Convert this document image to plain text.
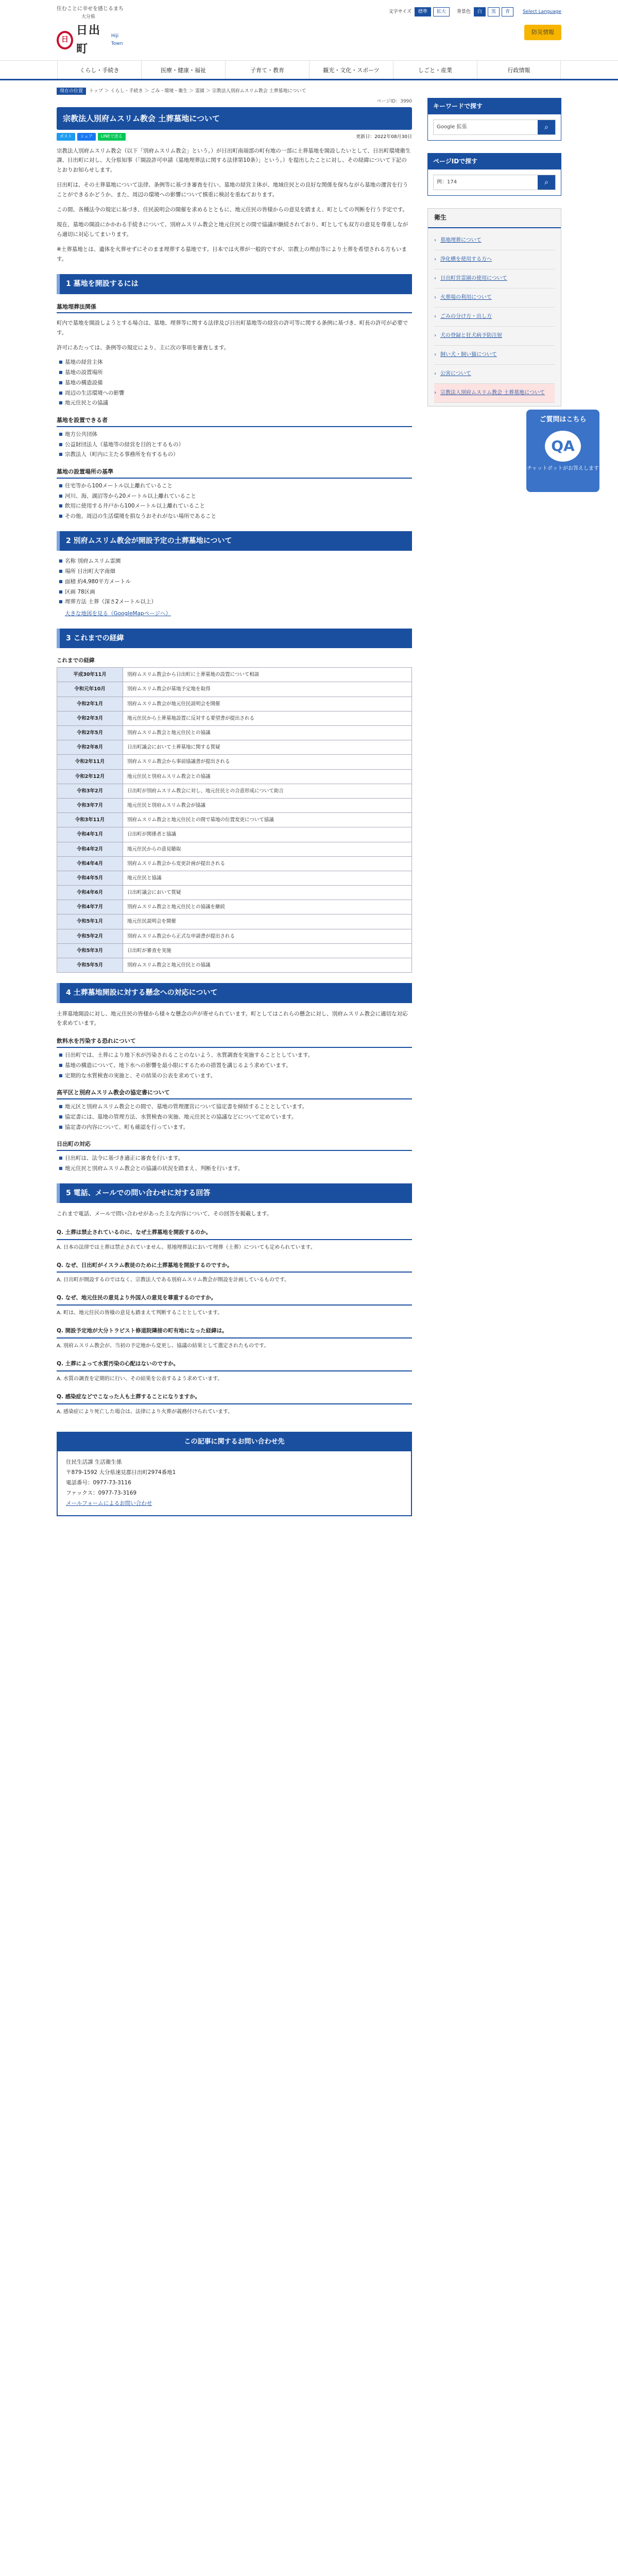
住むことに幸せを感じるまち
大分県
日
日出町
Hiji Town
文字サイズ	標準	拡大	背景色	白	黒	青	Select Language
防災情報
くらし・手続き	医療・健康・福祉	子育て・教育	観光・文化・スポーツ	しごと・産業	行政情報
現在の位置 トップ ＞ くらし・手続き ＞ ごみ・環境・衛生 ＞ 霊園 ＞ 宗教法人別府ムスリム教会 土葬墓地について
ページID：3990
宗教法人別府ムスリム教会 土葬墓地について
ポスト	シェア	LINEで送る	更新日：2022年08月30日

宗教法人別府ムスリム教会（以下「別府ムスリム教会」という。）が日出町南端部の町有地の一部に土葬墓地を開設したいとして、日出町環境衛生課、日出町に対し、大分県知事（「開設許可申請（墓地埋葬法に関する法律第10条）」という。）を提出したことに対し、その経緯について下記のとおりお知らせします。

日出町は、その土葬墓地について法律、条例等に基づき審査を行い、墓地の経営主体が、地域住民との良好な関係を保ちながら墓地の運営を行うことができるかどうか、また、周辺の環境への影響について慎重に検討を重ねております。

この間、各種法令の規定に基づき、住民説明会の開催を求めるとともに、地元住民の皆様からの意見を踏まえ、町としての判断を行う予定です。

現在、墓地の開設にかかわる手続きについて、別府ムスリム教会と地元住民との間で協議が継続されており、町としても双方の意見を尊重しながら適切に対応してまいります。

※土葬墓地とは、遺体を火葬せずにそのまま埋葬する墓地です。日本では火葬が一般的ですが、宗教上の理由等により土葬を希望される方もいます。

1 墓地を開設するには
墓地埋葬法関係

町内で墓地を開設しようとする場合は、墓地、埋葬等に関する法律及び日出町墓地等の経営の許可等に関する条例に基づき、町長の許可が必要です。

許可にあたっては、条例等の規定により、主に次の事項を審査します。

■ 墓地の経営主体
■ 墓地の設置場所
■ 墓地の構造設備
■ 周辺の生活環境への影響
■ 地元住民との協議
墓地を設置できる者
■ 地方公共団体
■ 公益財団法人（墓地等の経営を目的とするもの）
■ 宗教法人（町内に主たる事務所を有するもの）
墓地の設置場所の基準
■ 住宅等から100メートル以上離れていること
■ 河川、海、湖沼等から20メートル以上離れていること
■ 飲用に使用する井戸から100メートル以上離れていること
■ その他、周辺の生活環境を損なうおそれがない場所であること
2 別府ムスリム教会が開設予定の土葬墓地について
■ 名称 別府ムスリム霊園
■ 場所 日出町大字南畑
■ 面積 約4,980平方メートル
■ 区画 78区画
■ 埋葬方法 土葬（深さ2メートル以上）
大きな地図を見る（GoogleMapページへ）
3 これまでの経緯
これまでの経緯
平成30年11月	別府ムスリム教会から日出町に土葬墓地の設置について相談
令和元年10月	別府ムスリム教会が墓地予定地を取得
令和2年1月	別府ムスリム教会が地元住民説明会を開催
令和2年3月	地元住民から土葬墓地設置に反対する要望書が提出される
令和2年5月	別府ムスリム教会と地元住民との協議
令和2年8月	日出町議会において土葬墓地に関する質疑
令和2年11月	別府ムスリム教会から事前協議書が提出される
令和2年12月	地元住民と別府ムスリム教会との協議
令和3年2月	日出町が別府ムスリム教会に対し、地元住民との合意形成について助言
令和3年7月	地元住民と別府ムスリム教会が協議
令和3年11月	別府ムスリム教会と地元住民との間で墓地の位置変更について協議
令和4年1月	日出町が関係者と協議
令和4年2月	地元住民からの意見聴取
令和4年4月	別府ムスリム教会から変更計画が提出される
令和4年5月	地元住民と協議
令和4年6月	日出町議会において質疑
令和4年7月	別府ムスリム教会と地元住民との協議を継続
令和5年1月	地元住民説明会を開催
令和5年2月	別府ムスリム教会から正式な申請書が提出される
令和5年3月	日出町が審査を実施
令和5年5月	別府ムスリム教会と地元住民との協議
4 土葬墓地開設に対する懸念への対応について

土葬墓地開設に対し、地元住民の皆様から様々な懸念の声が寄せられています。町としてはこれらの懸念に対し、別府ムスリム教会に適切な対応を求めています。

飲料水を汚染する恐れについて
■ 日出町では、土葬により地下水が汚染されることのないよう、水質調査を実施することとしています。
■ 墓地の構造について、地下水への影響を最小限にするための措置を講じるよう求めています。
■ 定期的な水質検査の実施と、その結果の公表を求めています。
高平区と別府ムスリム教会の協定書について
■ 地元区と別府ムスリム教会との間で、墓地の管理運営について協定書を締結することとしています。
■ 協定書には、墓地の管理方法、水質検査の実施、地元住民との協議などについて定めています。
■ 協定書の内容について、町も確認を行っています。
日出町の対応
■ 日出町は、法令に基づき適正に審査を行います。
■ 地元住民と別府ムスリム教会との協議の状況を踏まえ、判断を行います。
5 電話、メールでの問い合わせに対する回答

これまで電話、メールで問い合わせがあった主な内容について、その回答を掲載します。

Q. 土葬は禁止されているのに、なぜ土葬墓地を開設するのか。
A. 日本の法律では土葬は禁止されていません。墓地埋葬法において埋葬（土葬）についても定められています。
Q. なぜ、日出町がイスラム教徒のために土葬墓地を開設するのですか。
A. 日出町が開設するのではなく、宗教法人である別府ムスリム教会が開設を計画しているものです。
Q. なぜ、地元住民の意見より外国人の意見を尊重するのですか。
A. 町は、地元住民の皆様の意見も踏まえて判断することとしています。
Q. 開設予定地が大分トラピスト修道院隣接の町有地になった経緯は。
A. 別府ムスリム教会が、当初の予定地から変更し、協議の結果として選定されたものです。
Q. 土葬によって水質汚染の心配はないのですか。
A. 水質の調査を定期的に行い、その結果を公表するよう求めています。
Q. 感染症などでこなった人も土葬することになりますか。
A. 感染症により死亡した場合は、法律により火葬が義務付けられています。
この記事に関するお問い合わせ先
住民生活課 生活衛生係
〒879-1592 大分県速見郡日出町2974番地1
電話番号：0977-73-3116
ファックス：0977-73-3169
メールフォームによるお問い合わせ
キーワードで探す
Google 拡張	⌕
ページIDで探す
例：174	⌕
衛生
› 墓地埋葬について
› 浄化槽を使用する方へ
› 日出町営霊園の使用について
› 火葬場の利用について
› ごみの分け方・出し方
› 犬の登録と狂犬病予防注射
› 飼い犬・飼い猫について
› 公害について
› 宗教法人別府ムスリム教会 土葬墓地について
ご質問はこちら
QA
チャットボットがお答えします
